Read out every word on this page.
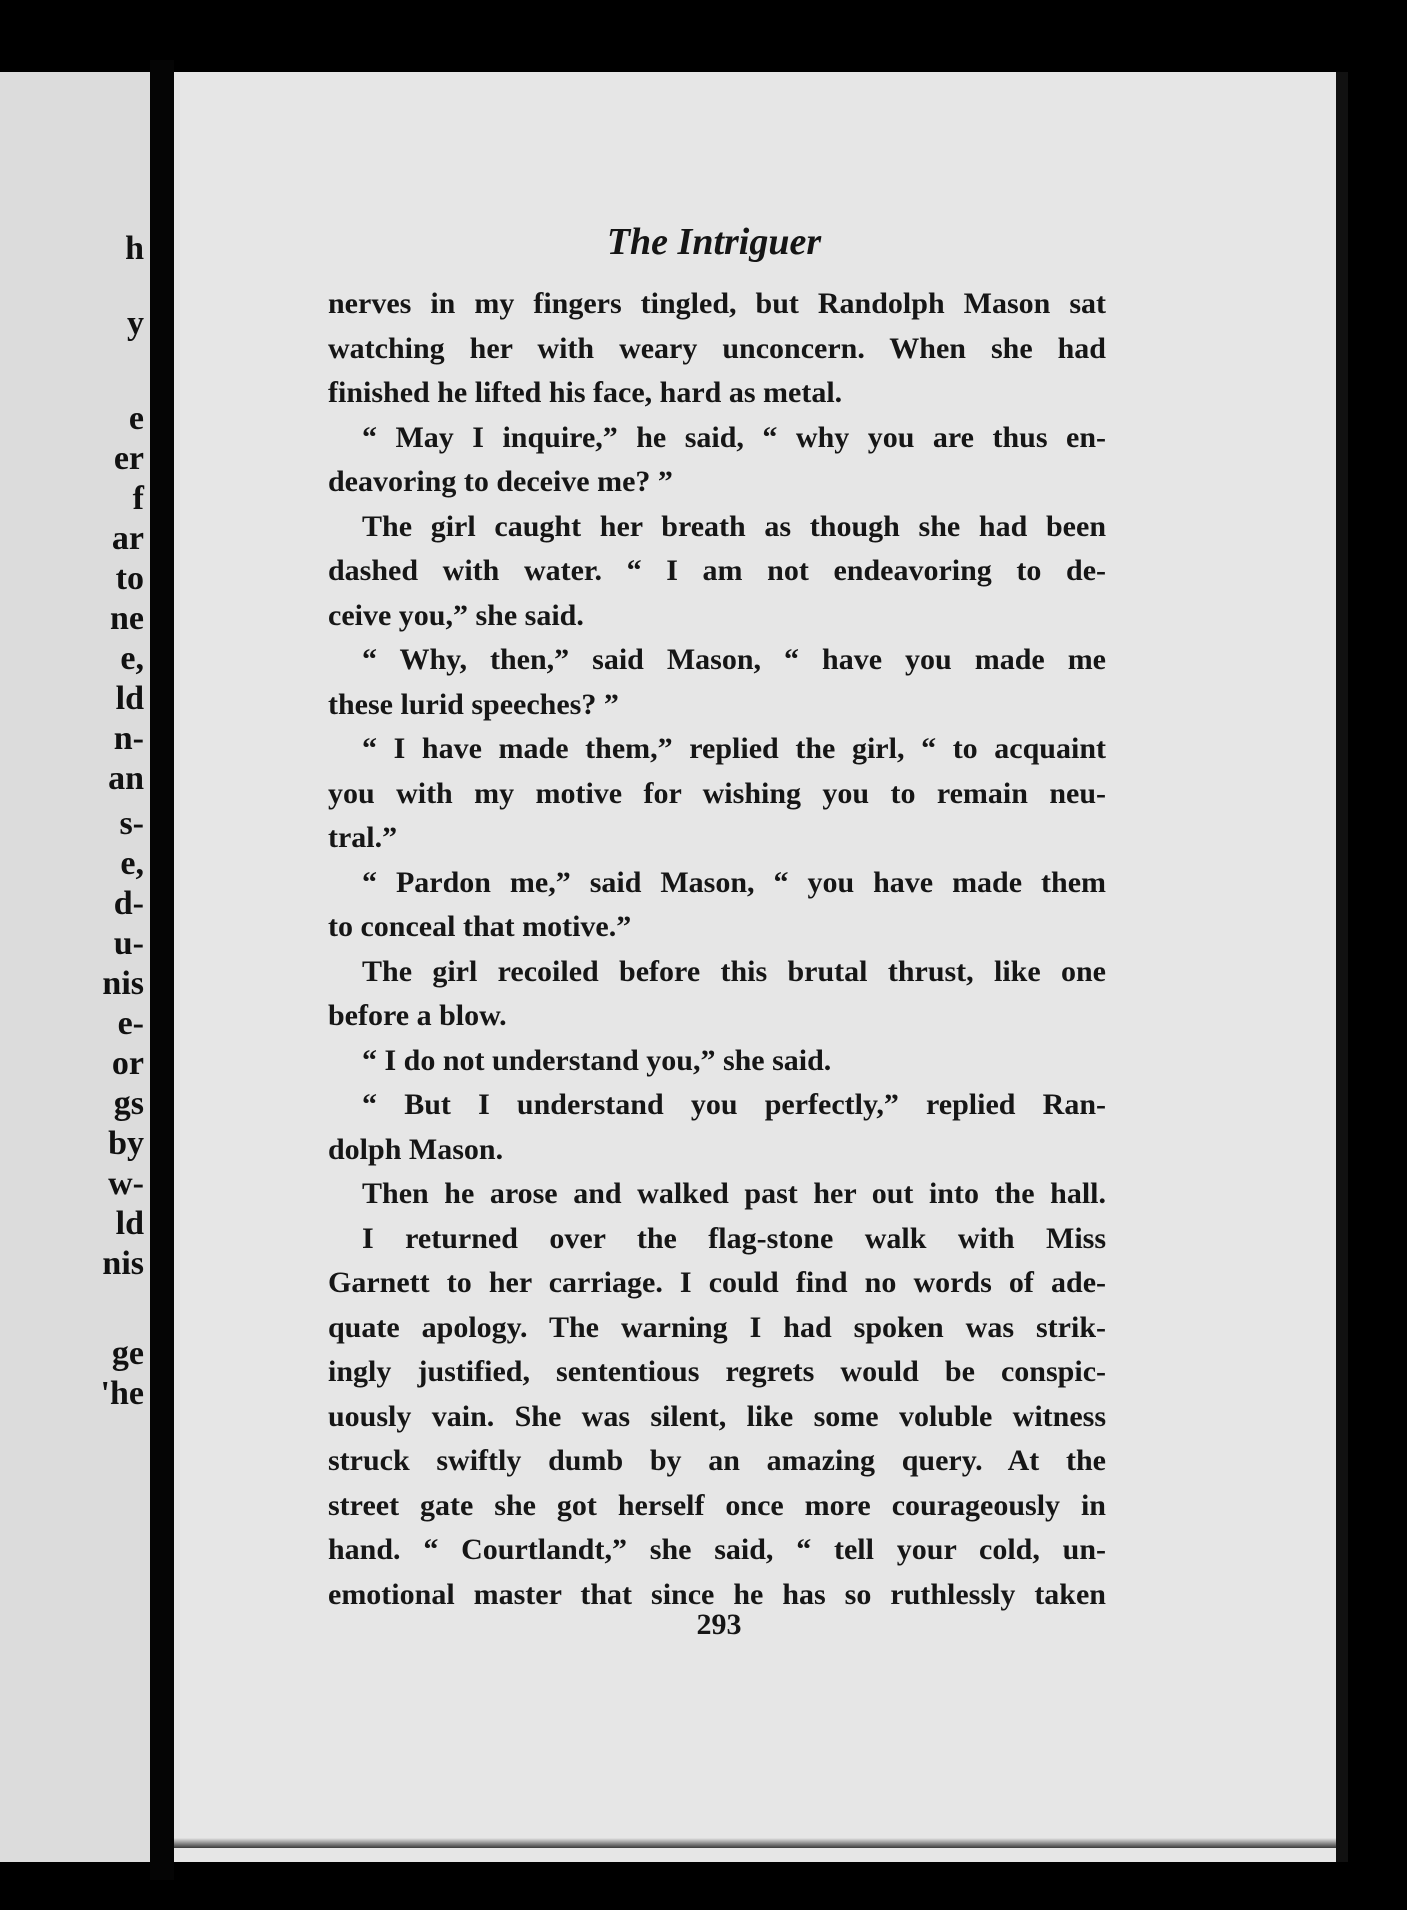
h
y
e
er
f
ar
to
ne
e,
ld
n-
an
s-
e,
d-
u-
nis
e-
or
gs
by
w-
ld
nis
ge
'he
The Intriguer
nerves in my fingers tingled, but Randolph Mason sat
watching her with weary unconcern. When she had
finished he lifted his face, hard as metal.
“ May I inquire,” he said, “ why you are thus en-
deavoring to deceive me? ”
The girl caught her breath as though she had been
dashed with water. “ I am not endeavoring to de-
ceive you,” she said.
“ Why, then,” said Mason, “ have you made me
these lurid speeches? ”
“ I have made them,” replied the girl, “ to acquaint
you with my motive for wishing you to remain neu-
tral.”
“ Pardon me,” said Mason, “ you have made them
to conceal that motive.”
The girl recoiled before this brutal thrust, like one
before a blow.
“ I do not understand you,” she said.
“ But I understand you perfectly,” replied Ran-
dolph Mason.
Then he arose and walked past her out into the hall.
I returned over the flag-stone walk with Miss
Garnett to her carriage. I could find no words of ade-
quate apology. The warning I had spoken was strik-
ingly justified, sententious regrets would be conspic-
uously vain. She was silent, like some voluble witness
struck swiftly dumb by an amazing query. At the
street gate she got herself once more courageously in
hand. “ Courtlandt,” she said, “ tell your cold, un-
emotional master that since he has so ruthlessly taken
293
